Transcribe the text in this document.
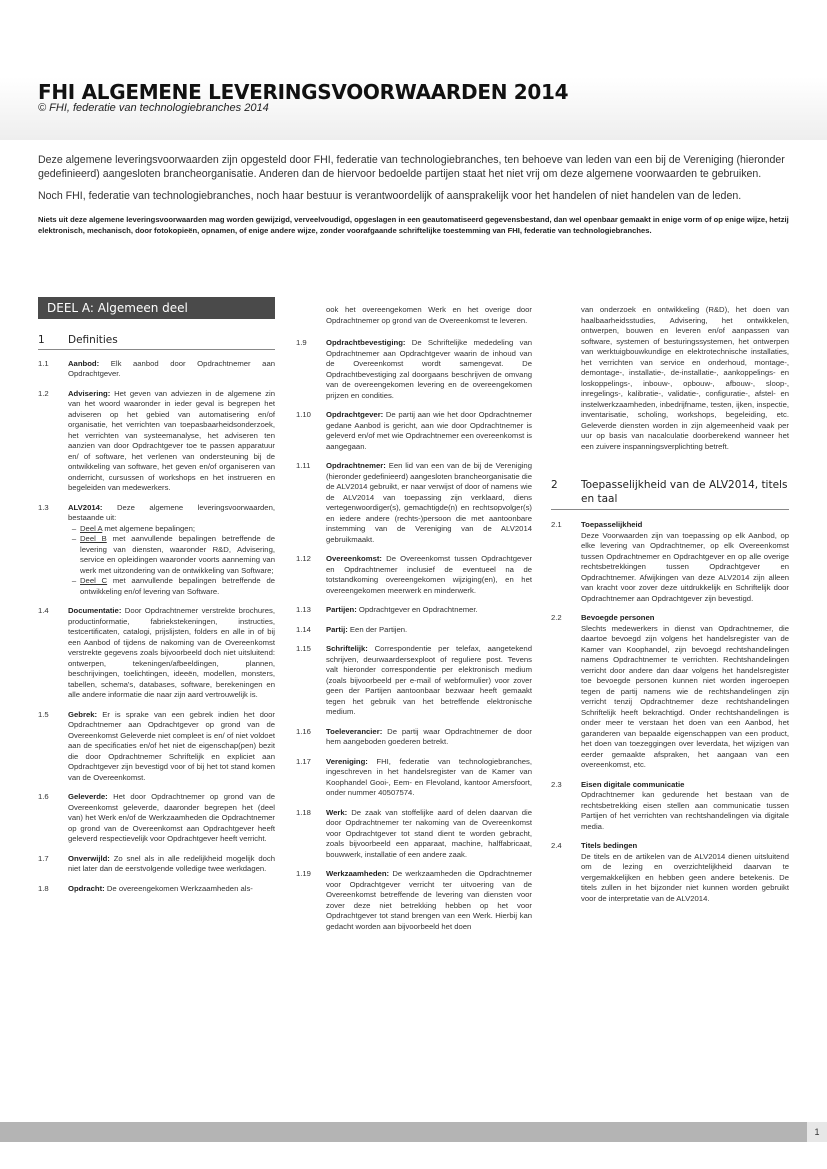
FHI ALGEMENE LEVERINGSVOORWAARDEN 2014
© FHI, federatie van technologiebranches 2014

Deze algemene leveringsvoorwaarden zijn opgesteld door FHI, federatie van technologiebranches, ten behoeve van leden van een bij de Vereniging (hieronder gedefinieerd) aangesloten brancheorganisatie. Anderen dan de hiervoor bedoelde partijen staat het niet vrij om deze algemene voorwaarden te gebruiken.

Noch FHI, federatie van technologiebranches, noch haar bestuur is verantwoordelijk of aansprakelijk voor het handelen of niet handelen van de leden.

Niets uit deze algemene leveringsvoorwaarden mag worden gewijzigd, verveelvoudigd, opgeslagen in een geautomatiseerd gegevensbestand, dan wel openbaar gemaakt in enige vorm of op enige wijze, hetzij elektronisch, mechanisch, door fotokopieën, opnamen, of enige andere wijze, zonder voorafgaande schriftelijke toestemming van FHI, federatie van technologiebranches.

DEEL A: Algemeen deel
1	Definities
1.1	Aanbod: Elk aanbod door Opdrachtnemer aan Opdrachtgever.
1.2	Advisering: Het geven van adviezen in de algemene zin van het woord waaronder in ieder geval is begrepen het adviseren op het gebied van automatisering en/of organisatie, het verrichten van toepasbaarheidsonderzoek, het verrichten van systeemanalyse, het adviseren ten aanzien van door Opdrachtgever toe te passen apparatuur en/ of software, het verlenen van ondersteuning bij de ontwikkeling van software, het geven en/of organiseren van onderricht, cursussen of workshops en het instrueren en begeleiden van medewerkers.
1.3	ALV2014: Deze algemene leveringsvoorwaarden, bestaande uit:
– Deel A met algemene bepalingen;
– Deel B met aanvullende bepalingen betreffende de levering van diensten, waaronder R&D, Advisering, service en opleidingen waaronder voorts aanneming van werk met uitzondering van de ontwikkeling van Software;
– Deel C met aanvullende bepalingen betreffende de ontwikkeling en/of levering van Software.
1.4	Documentatie: Door Opdrachtnemer verstrekte brochures, productinformatie, fabriekstekeningen, instructies, testcertificaten, catalogi, prijslijsten, folders en alle in of bij een Aanbod of tijdens de nakoming van de Overeenkomst verstrekte gegevens zoals bijvoorbeeld doch niet uitsluitend: ontwerpen, tekeningen/afbeeldingen, plannen, beschrijvingen, toelichtingen, ideeën, modellen, monsters, tabellen, schema's, databases, software, berekeningen en alle andere informatie die naar zijn aard vertrouwelijk is.
1.5	Gebrek: Er is sprake van een gebrek indien het door Opdrachtnemer aan Opdrachtgever op grond van de Overeenkomst Geleverde niet compleet is en/ of niet voldoet aan de specificaties en/of het niet de eigenschap(pen) bezit die door Opdrachtnemer Schriftelijk en expliciet aan Opdrachtgever zijn bevestigd voor of bij het tot stand komen van de Overeenkomst.
1.6	Geleverde: Het door Opdrachtnemer op grond van de Overeenkomst geleverde, daaronder begrepen het (deel van) het Werk en/of de Werkzaamheden die Opdrachtnemer op grond van de Overeenkomst aan Opdrachtgever heeft geleverd respectievelijk voor Opdrachtgever heeft verricht.
1.7	Onverwijld: Zo snel als in alle redelijkheid mogelijk doch niet later dan de eerstvolgende volledige twee werkdagen.
1.8	Opdracht: De overeengekomen Werkzaamheden als-
ook het overeengekomen Werk en het overige door Opdrachtnemer op grond van de Overeenkomst te leveren.
1.9	Opdrachtbevestiging: De Schriftelijke mededeling van Opdrachtnemer aan Opdrachtgever waarin de inhoud van de Overeenkomst wordt samengevat. De Opdrachtbevestiging zal doorgaans beschrijven de omvang van de overeengekomen levering en de overeengekomen prijzen en condities.
1.10	Opdrachtgever: De partij aan wie het door Opdrachtnemer gedane Aanbod is gericht, aan wie door Opdrachtnemer is geleverd en/of met wie Opdrachtnemer een overeenkomst is aangegaan.
1.11	Opdrachtnemer: Een lid van een van de bij de Vereniging (hieronder gedefinieerd) aangesloten brancheorganisatie die de ALV2014 gebruikt, er naar verwijst of door of namens wie de ALV2014 van toepassing zijn verklaard, diens vertegenwoordiger(s), gemachtigde(n) en rechtsopvolger(s) en iedere andere (rechts-)persoon die met aantoonbare instemming van de Vereniging van de ALV2014 gebruikmaakt.
1.12	Overeenkomst: De Overeenkomst tussen Opdrachtgever en Opdrachtnemer inclusief de eventueel na de totstandkoming overeengekomen wijziging(en), en het overeengekomen meerwerk en minderwerk.
1.13	Partijen: Opdrachtgever en Opdrachtnemer.
1.14	Partij: Een der Partijen.
1.15	Schriftelijk: Correspondentie per telefax, aangetekend schrijven, deurwaardersexploot of reguliere post. Tevens valt hieronder correspondentie per elektronisch medium (zoals bijvoorbeeld per e-mail of webformulier) voor zover geen der Partijen aantoonbaar bezwaar heeft gemaakt tegen het gebruik van het betreffende elektronische medium.
1.16	Toeleverancier: De partij waar Opdrachtnemer de door hem aangeboden goederen betrekt.
1.17	Vereniging: FHI, federatie van technologiebranches, ingeschreven in het handelsregister van de Kamer van Koophandel Gooi-, Eem- en Flevoland, kantoor Amersfoort, onder nummer 40507574.
1.18	Werk: De zaak van stoffelijke aard of delen daarvan die door Opdrachtnemer ter nakoming van de Overeenkomst voor Opdrachtgever tot stand dient te worden gebracht, zoals bijvoorbeeld een apparaat, machine, halffabricaat, bouwwerk, installatie of een andere zaak.
1.19	Werkzaamheden: De werkzaamheden die Opdrachtnemer voor Opdrachtgever verricht ter uitvoering van de Overeenkomst betreffende de levering van diensten voor zover deze niet betrekking hebben op het voor Opdrachtgever tot stand brengen van een Werk. Hierbij kan gedacht worden aan bijvoorbeeld het doen
van onderzoek en ontwikkeling (R&D), het doen van haalbaarheidsstudies, Advisering, het ontwikkelen, ontwerpen, bouwen en leveren en/of aanpassen van software, systemen of besturingssystemen, het ontwerpen van werktuigbouwkundige en elektrotechnische installaties, het verrichten van service en onderhoud, montage-, demontage-, installatie-, de-installatie-, aankoppelings- en loskoppelings-, inbouw-, opbouw-, afbouw-, sloop-, inregelings-, kalibratie-, validatie-, configuratie-, afstel- en instelwerkzaamheden, inbedrijfname, testen, ijken, inspectie, inventarisatie, scholing, workshops, begeleiding, etc. Geleverde diensten worden in zijn algemeenheid vaak per uur op basis van nacalculatie doorberekend wanneer het een zuivere inspanningsverplichting betreft.
2	Toepasselijkheid van de ALV2014, titels en taal
2.1	Toepasselijkheid
Deze Voorwaarden zijn van toepassing op elk Aanbod, op elke levering van Opdrachtnemer, op elk Overeenkomst tussen Opdrachtnemer en Opdrachtgever en op alle overige rechtsbetrekkingen tussen Opdrachtgever en Opdrachtnemer. Afwijkingen van deze ALV2014 zijn alleen van kracht voor zover deze uitdrukkelijk en Schriftelijk door Opdrachtnemer aan Opdrachtgever zijn bevestigd.
2.2	Bevoegde personen
Slechts medewerkers in dienst van Opdrachtnemer, die daartoe bevoegd zijn volgens het handelsregister van de Kamer van Koophandel, zijn bevoegd rechtshandelingen namens Opdrachtnemer te verrichten. Rechtshandelingen verricht door andere dan daar volgens het handelsregister toe bevoegde personen kunnen niet worden ingeroepen tegen de partij namens wie de rechtshandelingen zijn verricht tenzij Opdrachtnemer deze rechtshandelingen Schriftelijk heeft bekrachtigd. Onder rechtshandelingen is onder meer te verstaan het doen van een Aanbod, het garanderen van bepaalde eigenschappen van een product, het doen van toezeggingen over leverdata, het wijzigen van eerder gemaakte afspraken, het aangaan van een overeenkomst, etc.
2.3	Eisen digitale communicatie
Opdrachtnemer kan gedurende het bestaan van de rechtsbetrekking eisen stellen aan communicatie tussen Partijen of het verrichten van rechtshandelingen via digitale media.
2.4	Titels bedingen
De titels en de artikelen van de ALV2014 dienen uitsluitend om de lezing en overzichtelijkheid daarvan te vergemakkelijken en hebben geen andere betekenis. De titels zullen in het bijzonder niet kunnen worden gebruikt voor de interpretatie van de ALV2014.
1
